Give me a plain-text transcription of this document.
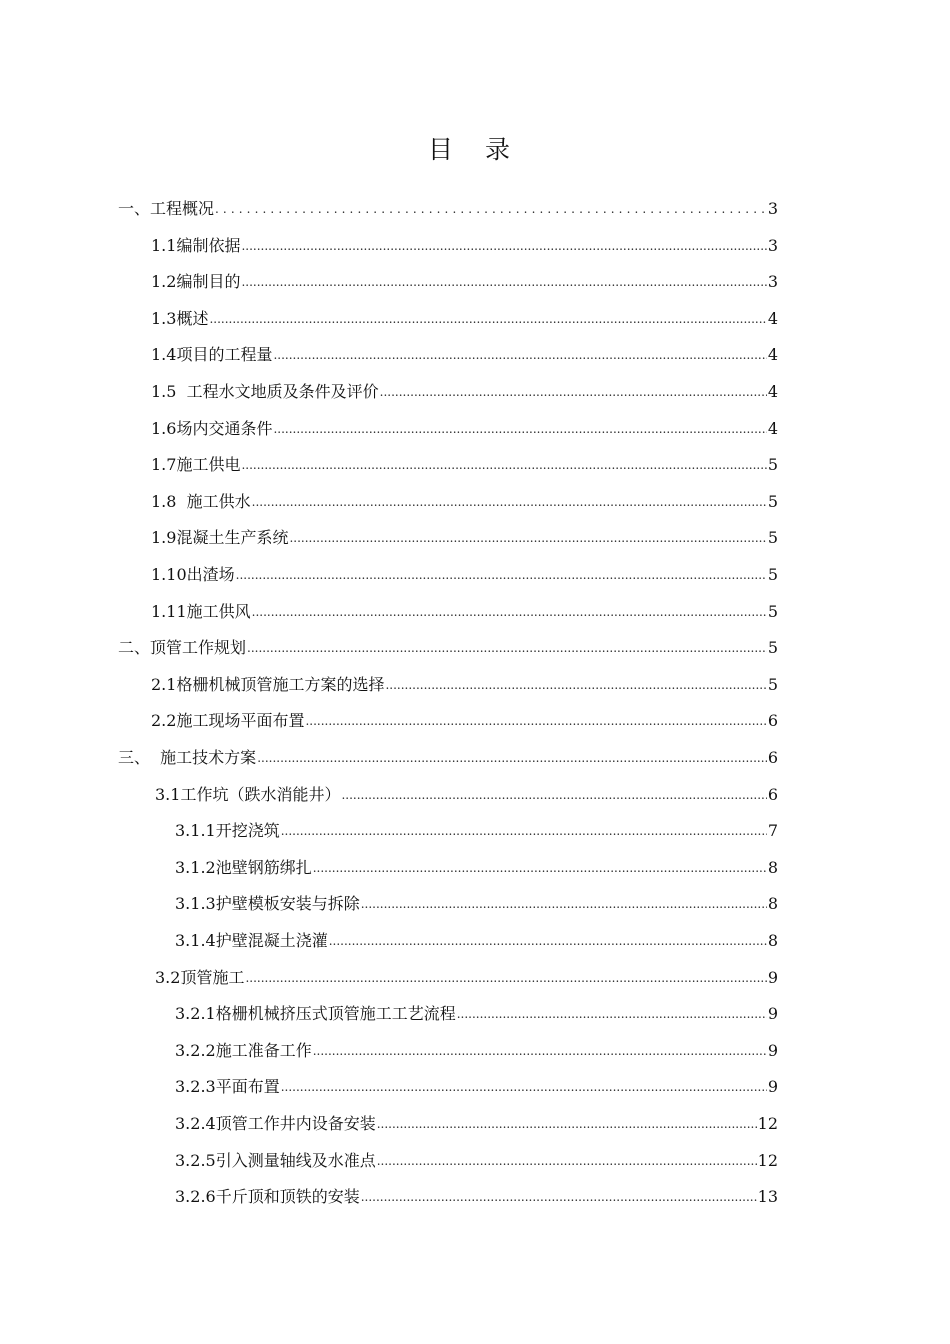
目 录
一、工程概况 .....	3
1.1编制依据 .....	3
1.2编制目的 .....	3
1.3概述 .....	4
1.4项目的工程量 .....	4
1.5  工程水文地质及条件及评价 .....	4
1.6场内交通条件 .....	4
1.7施工供电 .....	5
1.8  施工供水 .....	5
1.9混凝土生产系统 .....	5
1.10出渣场 .....	5
1.11施工供风 .....	5
二、顶管工作规划 .....	5
2.1格栅机械顶管施工方案的选择 .....	5
2.2施工现场平面布置 .....	6
三、  施工技术方案 .....	6
3.1工作坑（跌水消能井） .....	6
3.1.1开挖浇筑 .....	7
3.1.2池壁钢筋绑扎 .....	8
3.1.3护壁模板安装与拆除 .....	8
3.1.4护壁混凝土浇灌 .....	8
3.2顶管施工 .....	9
3.2.1格栅机械挤压式顶管施工工艺流程 .....	9
3.2.2施工准备工作 .....	9
3.2.3平面布置 .....	9
3.2.4顶管工作井内设备安装 .....	12
3.2.5引入测量轴线及水准点 .....	12
3.2.6千斤顶和顶铁的安装 .....	13
